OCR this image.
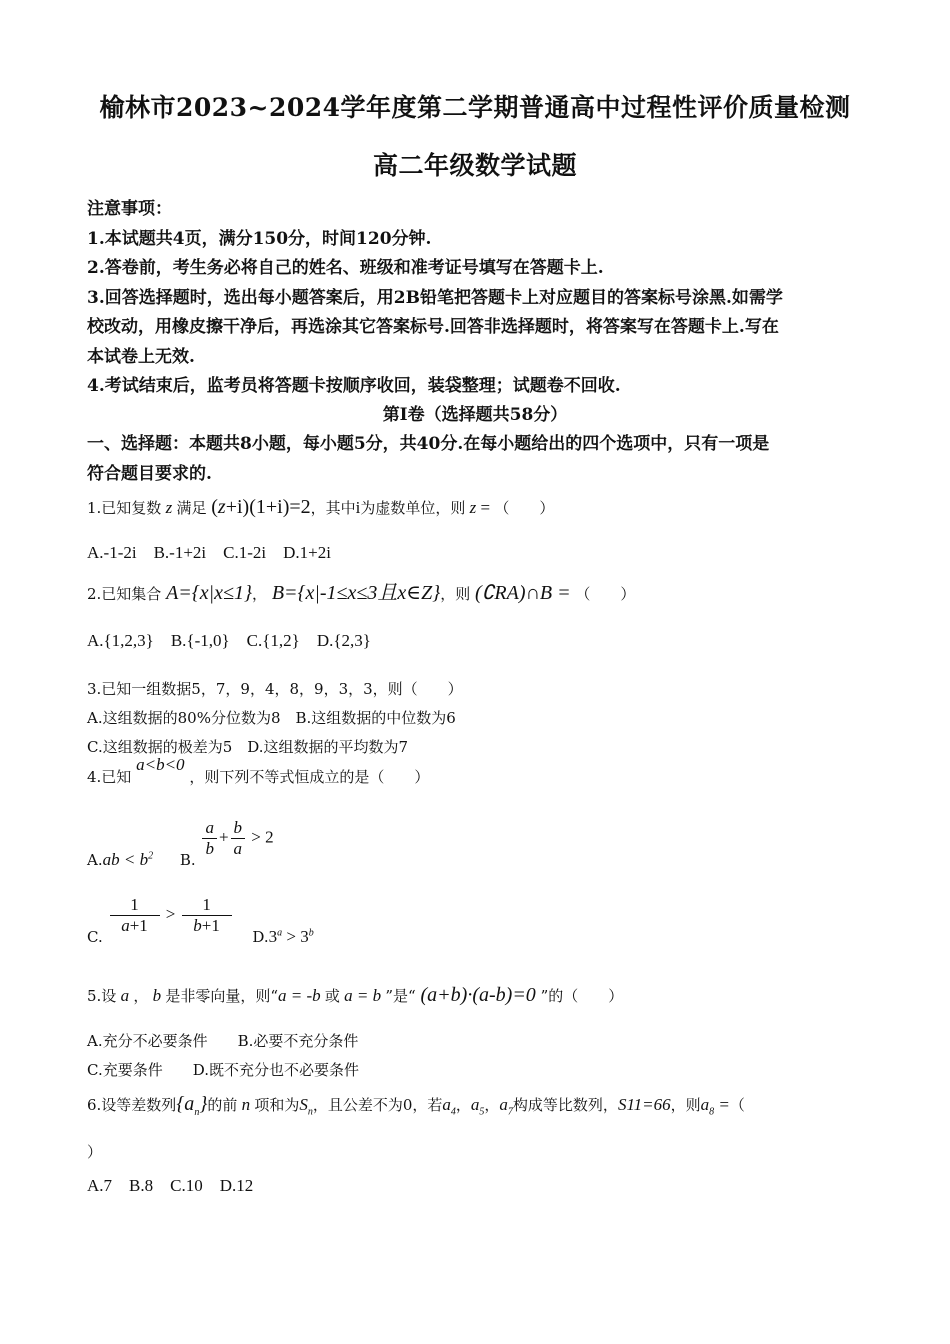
榆林市2023~2024学年度第二学期普通高中过程性评价质量检测
高二年级数学试题
注意事项：
1.本试题共4页，满分150分，时间120分钟.
2.答卷前，考生务必将自己的姓名、班级和准考证号填写在答题卡上.
3.回答选择题时，选出每小题答案后，用2B铅笔把答题卡上对应题目的答案标号涂黑.如需学
校改动，用橡皮擦干净后，再选涂其它答案标号.回答非选择题时，将答案写在答题卡上.写在
本试卷上无效.
4.考试结束后，监考员将答题卡按顺序收回，装袋整理；试题卷不回收.
第I卷（选择题共58分）
一、选择题：本题共8小题，每小题5分，共40分.在每小题给出的四个选项中，只有一项是
符合题目要求的.
1.已知复数 z 满足 (z+i)(1+i)=2，其中i为虚数单位，则 z = （　　）
A.-1-2i　B.-1+2i　C.1-2i　D.1+2i
2.已知集合 A={x|x≤1}， B={x|-1≤x≤3且x∈Z}，则 (∁RA)∩B = （　　）
A.{1,2,3}　B.{-1,0}　C.{1,2}　D.{2,3}
3.已知一组数据5，7，9，4，8，9，3，3，则（　　）
A.这组数据的80%分位数为8　B.这组数据的中位数为6
C.这组数据的极差为5　D.这组数据的平均数为7
4.已知 a<b<0 ，则下列不等式恒成立的是（　　）
$A.ab < b^2$ B.
$\frac{a}{b} + \frac{b}{a} > 2$
C.
$\frac{1}{a+1} > \frac{1}{b+1}$
$D.3^a > 3^b$
5.设 a ， b 是非零向量，则“a = -b 或 a = b ”是“ (a+b)·(a-b)=0 ”的（　　）
A.充分不必要条件　　B.必要不充分条件
C.充要条件　　D.既不充分也不必要条件
6.设等差数列$\{a_n\}$的前 n 项和为$S_n$，且公差不为0，若$a_4$，$a_5$，$a_7$构成等比数列，S11=66，则$a_8$ =（
）
A.7　B.8　C.10　D.12
